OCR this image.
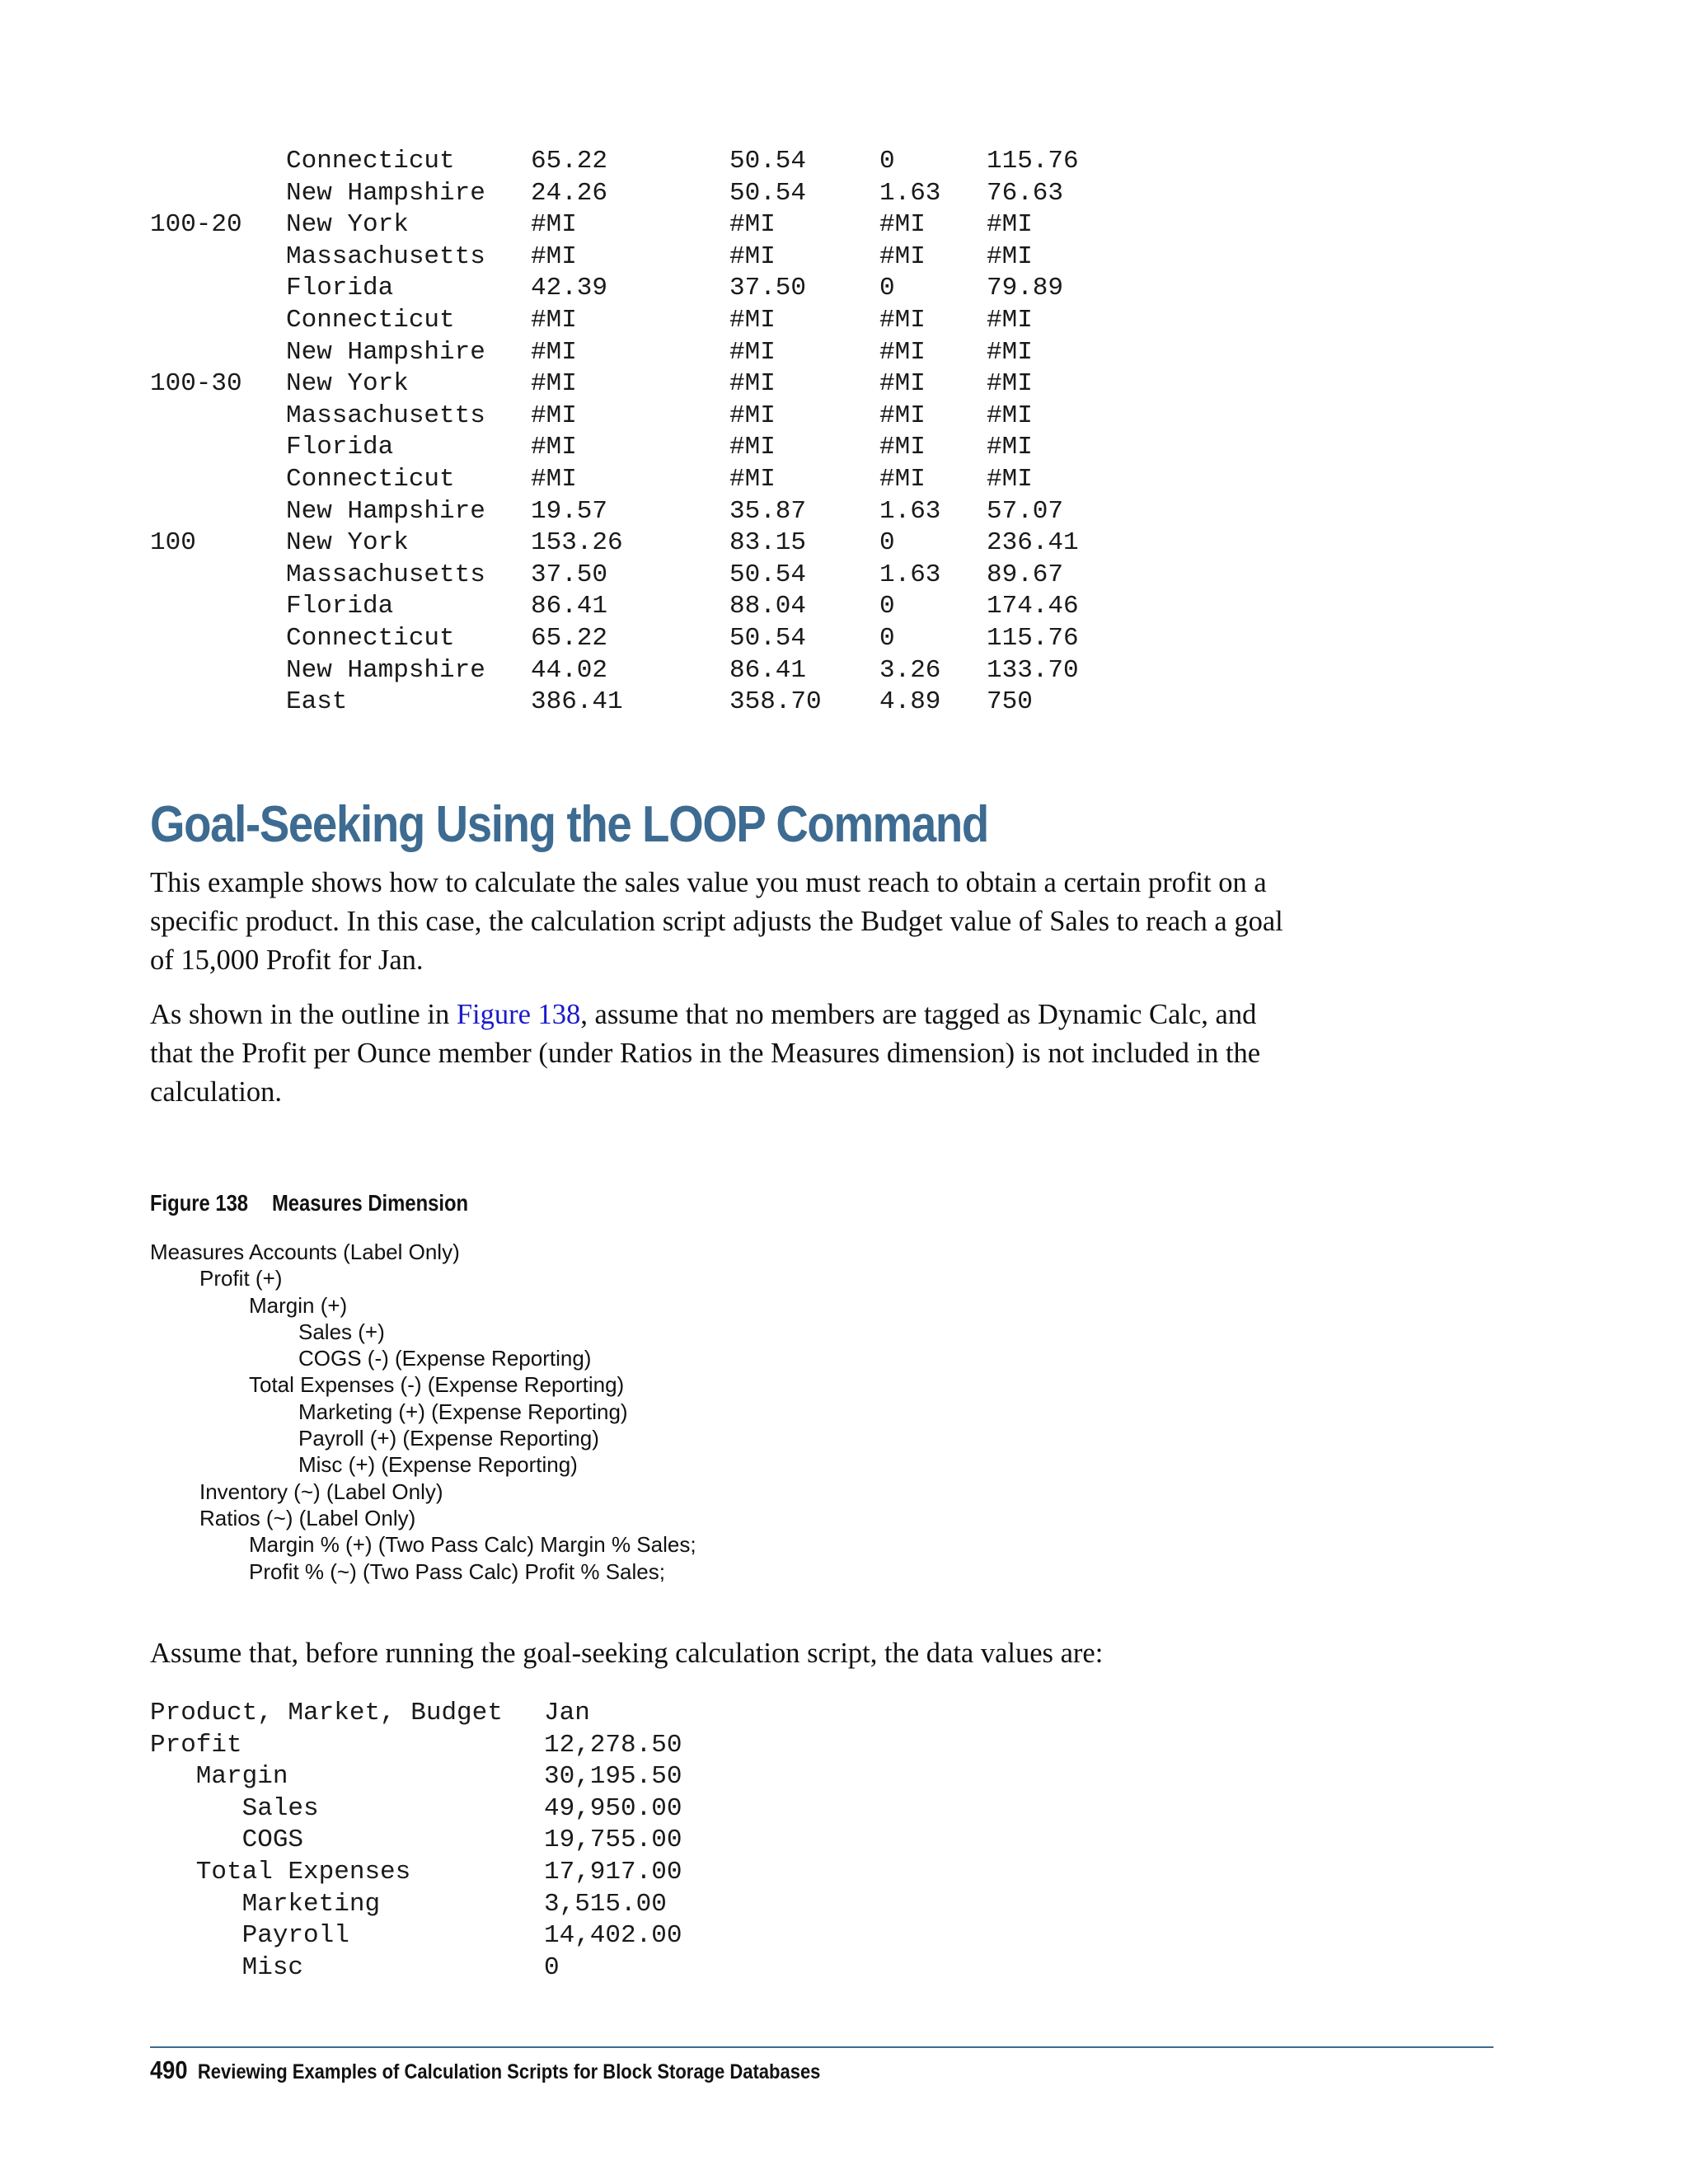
Connecticut	65.22	50.54	0	115.76
New Hampshire 24.26	50.54	1.63 76.63
100-20 New York	#MI	#MI	#MI #MI
Massachusetts #MI	#MI	#MI #MI
Florida	42.39	37.50	0	79.89
Connecticut	#MI	#MI	#MI #MI
New Hampshire #MI	#MI	#MI #MI
100-30 New York	#MI	#MI	#MI #MI
Massachusetts #MI	#MI	#MI #MI
Florida	#MI	#MI	#MI #MI
Connecticut	#MI	#MI	#MI #MI
New Hampshire 19.57	35.87	1.63 57.07
100	New York	153.26	83.15	0	236.41
Massachusetts 37.50	50.54	1.63 89.67
Florida	86.41	88.04	0	174.46
Connecticut	65.22	50.54	0	115.76
New Hampshire 44.02	86.41	3.26 133.70
East	386.41	358.70 4.89 750
Goal-Seeking Using the LOOP Command

This example shows how to calculate the sales value you must reach to obtain a certain profit on a specific product. In this case, the calculation script adjusts the Budget value of Sales to reach a goal of 15,000 Profit for Jan.

As shown in the outline in Figure 138, assume that no members are tagged as Dynamic Calc, and that the Profit per Ounce member (under Ratios in the Measures dimension) is not included in the calculation.

Figure 138 Measures Dimension
Measures Accounts (Label Only)
Profit (+)
Margin (+)
Sales (+)
COGS (-) (Expense Reporting)
Total Expenses (-) (Expense Reporting)
Marketing (+) (Expense Reporting)
Payroll (+) (Expense Reporting)
Misc (+) (Expense Reporting)
Inventory (~) (Label Only)
Ratios (~) (Label Only)
Margin % (+) (Two Pass Calc) Margin % Sales;
Profit % (~) (Two Pass Calc) Profit % Sales;

Assume that, before running the goal-seeking calculation script, the data values are:

Product, Market, Budget Jan
Profit	12,278.50
Margin	30,195.50
Sales	49,950.00
COGS	19,755.00
Total Expenses	17,917.00
Marketing	3,515.00
Payroll	14,402.00
Misc	0
490 Reviewing Examples of Calculation Scripts for Block Storage Databases
